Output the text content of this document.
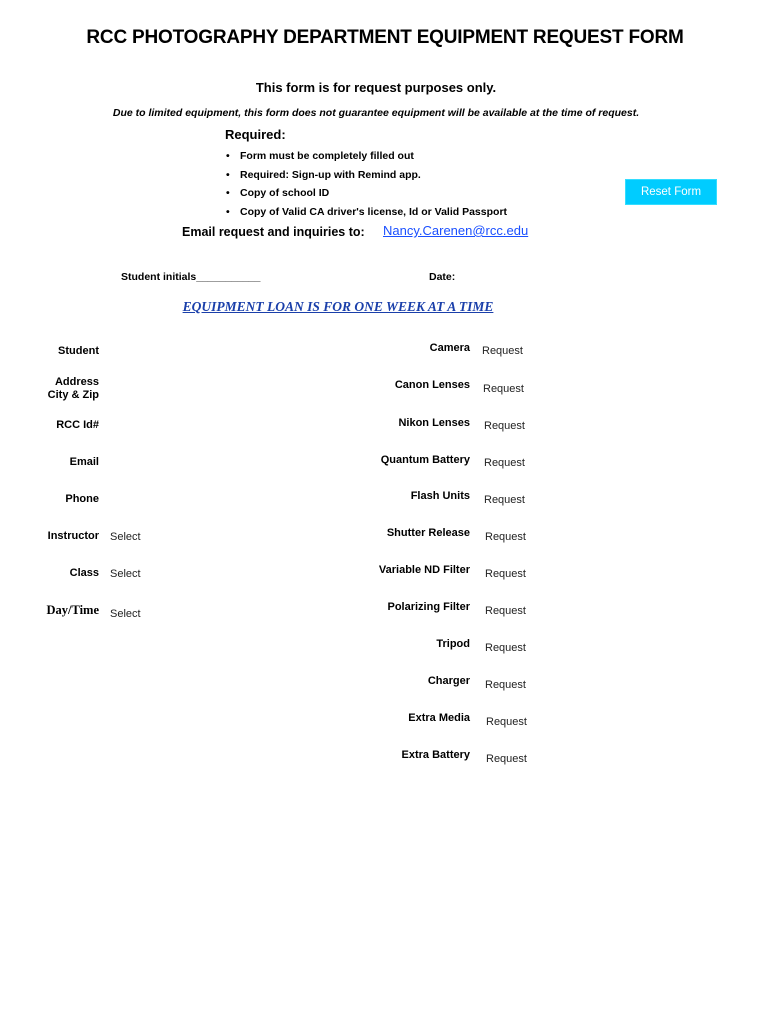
RCC PHOTOGRAPHY DEPARTMENT EQUIPMENT REQUEST FORM
This form is for request purposes only.
Due to limited equipment, this form does not guarantee equipment will be available at the time of request.
Required:
• Form must be completely filled out
• Required: Sign-up with Remind app.
• Copy of school ID
• Copy of Valid CA driver's license, Id or Valid Passport
Reset Form
Email request and inquiries to: Nancy.Carenen@rcc.edu
Student initials___________	Date:
EQUIPMENT LOAN IS FOR ONE WEEK AT A TIME
Student
Address
City & Zip
RCC Id#
Email
Phone
Instructor Select
Class Select
Day/Time Select
Camera Request
Canon Lenses Request
Nikon Lenses Request
Quantum Battery Request
Flash Units Request
Shutter Release Request
Variable ND Filter Request
Polarizing Filter Request
Tripod Request
Charger Request
Extra Media Request
Extra Battery Request
